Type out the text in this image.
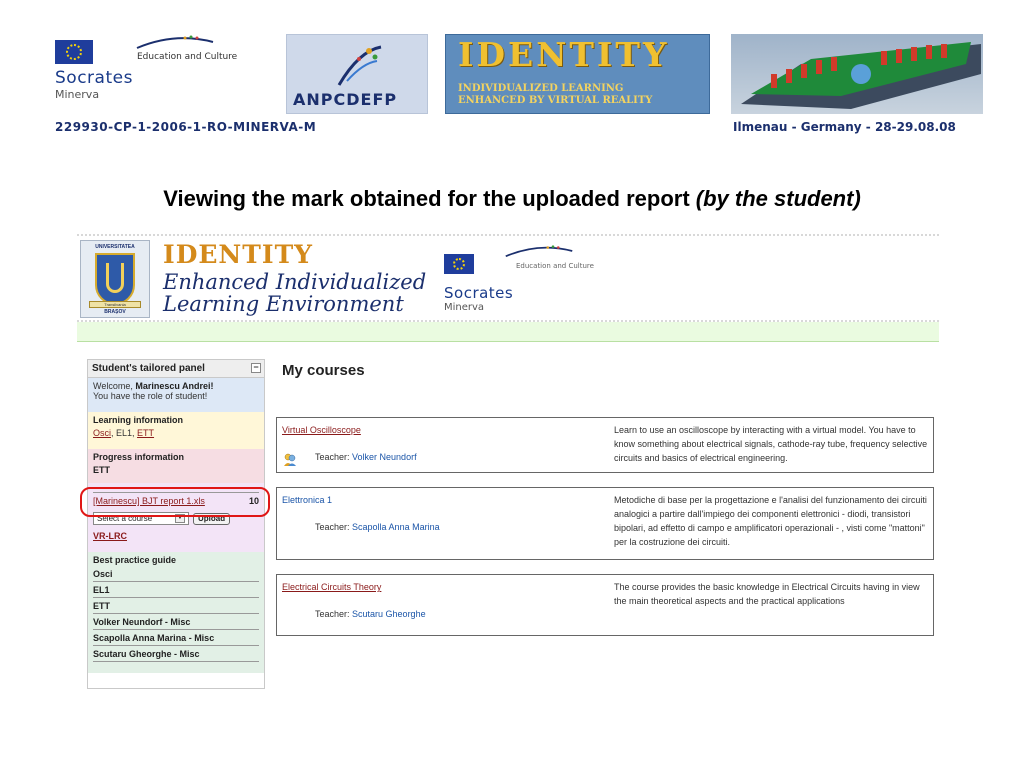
Education and Culture
Socrates
Minerva	ANPCDEFP
IDENTITY
INDIVIDUALIZED LEARNING
ENHANCED BY VIRTUAL REALITY
229930-CP-1-2006-1-RO-MINERVA-M	Ilmenau - Germany - 28-29.08.08
Viewing the mark obtained for the uploaded report (by the student)
UNIVERSITATEA
Transilvania
BRAȘOV
IDENTITY
Enhanced Individualized
Learning Environment
Education and Culture
Socrates
Minerva
Student's tailored panel	−
Welcome, Marinescu Andrei!
You have the role of student!
Learning information
Osci, EL1, ETT
Progress information
ETT
[Marinescu] BJT report 1.xls	10
Select a course	▼	Upload
VR-LRC
Best practice guide
Osci
EL1
ETT
Volker Neundorf - Misc
Scapolla Anna Marina - Misc
Scutaru Gheorghe - Misc
My courses
Virtual Oscilloscope
Teacher: Volker Neundorf
Learn to use an oscilloscope by interacting with a virtual model. You have to know something about electrical signals, cathode-ray tube, frequency selective circuits and basics of electrical engineering.
Elettronica 1
Teacher: Scapolla Anna Marina
Metodiche di base per la progettazione e l'analisi del funzionamento dei circuiti analogici a partire dall'impiego dei componenti elettronici - diodi, transistori bipolari, ad effetto di campo e amplificatori operazionali - , visti come "mattoni" per la costruzione dei circuiti.
Electrical Circuits Theory
Teacher: Scutaru Gheorghe
The course provides the basic knowledge in Electrical Circuits having in view the main theoretical aspects and the practical applications
